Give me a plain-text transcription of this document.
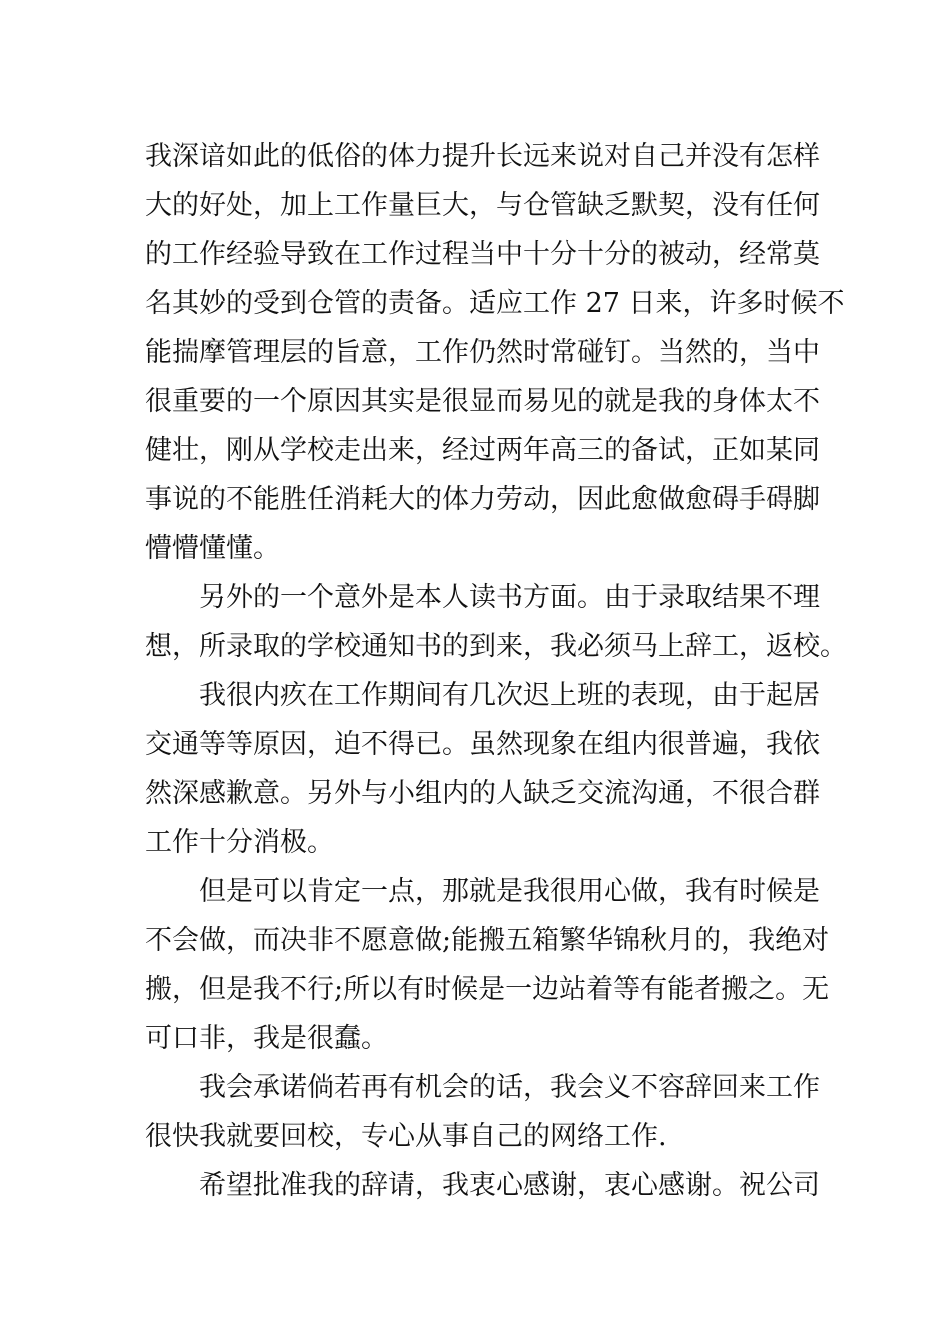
我深谙如此的低俗的体力提升长远来说对自己并没有怎样
大的好处，加上工作量巨大，与仓管缺乏默契，没有任何
的工作经验导致在工作过程当中十分十分的被动，经常莫
名其妙的受到仓管的责备。适应工作 27 日来，许多时候不
能揣摩管理层的旨意，工作仍然时常碰钉。当然的，当中
很重要的一个原因其实是很显而易见的就是我的身体太不
健壮，刚从学校走出来，经过两年高三的备试，正如某同
事说的不能胜任消耗大的体力劳动，因此愈做愈碍手碍脚
懵懵懂懂。
另外的一个意外是本人读书方面。由于录取结果不理
想，所录取的学校通知书的到来，我必须马上辞工，返校。
我很内疚在工作期间有几次迟上班的表现，由于起居
交通等等原因，迫不得已。虽然现象在组内很普遍，我依
然深感歉意。另外与小组内的人缺乏交流沟通，不很合群
工作十分消极。
但是可以肯定一点，那就是我很用心做，我有时候是
不会做，而决非不愿意做;能搬五箱繁华锦秋月的，我绝对
搬，但是我不行;所以有时候是一边站着等有能者搬之。无
可口非，我是很蠢。
我会承诺倘若再有机会的话，我会义不容辞回来工作
很快我就要回校，专心从事自己的网络工作.
希望批准我的辞请，我衷心感谢，衷心感谢。祝公司
